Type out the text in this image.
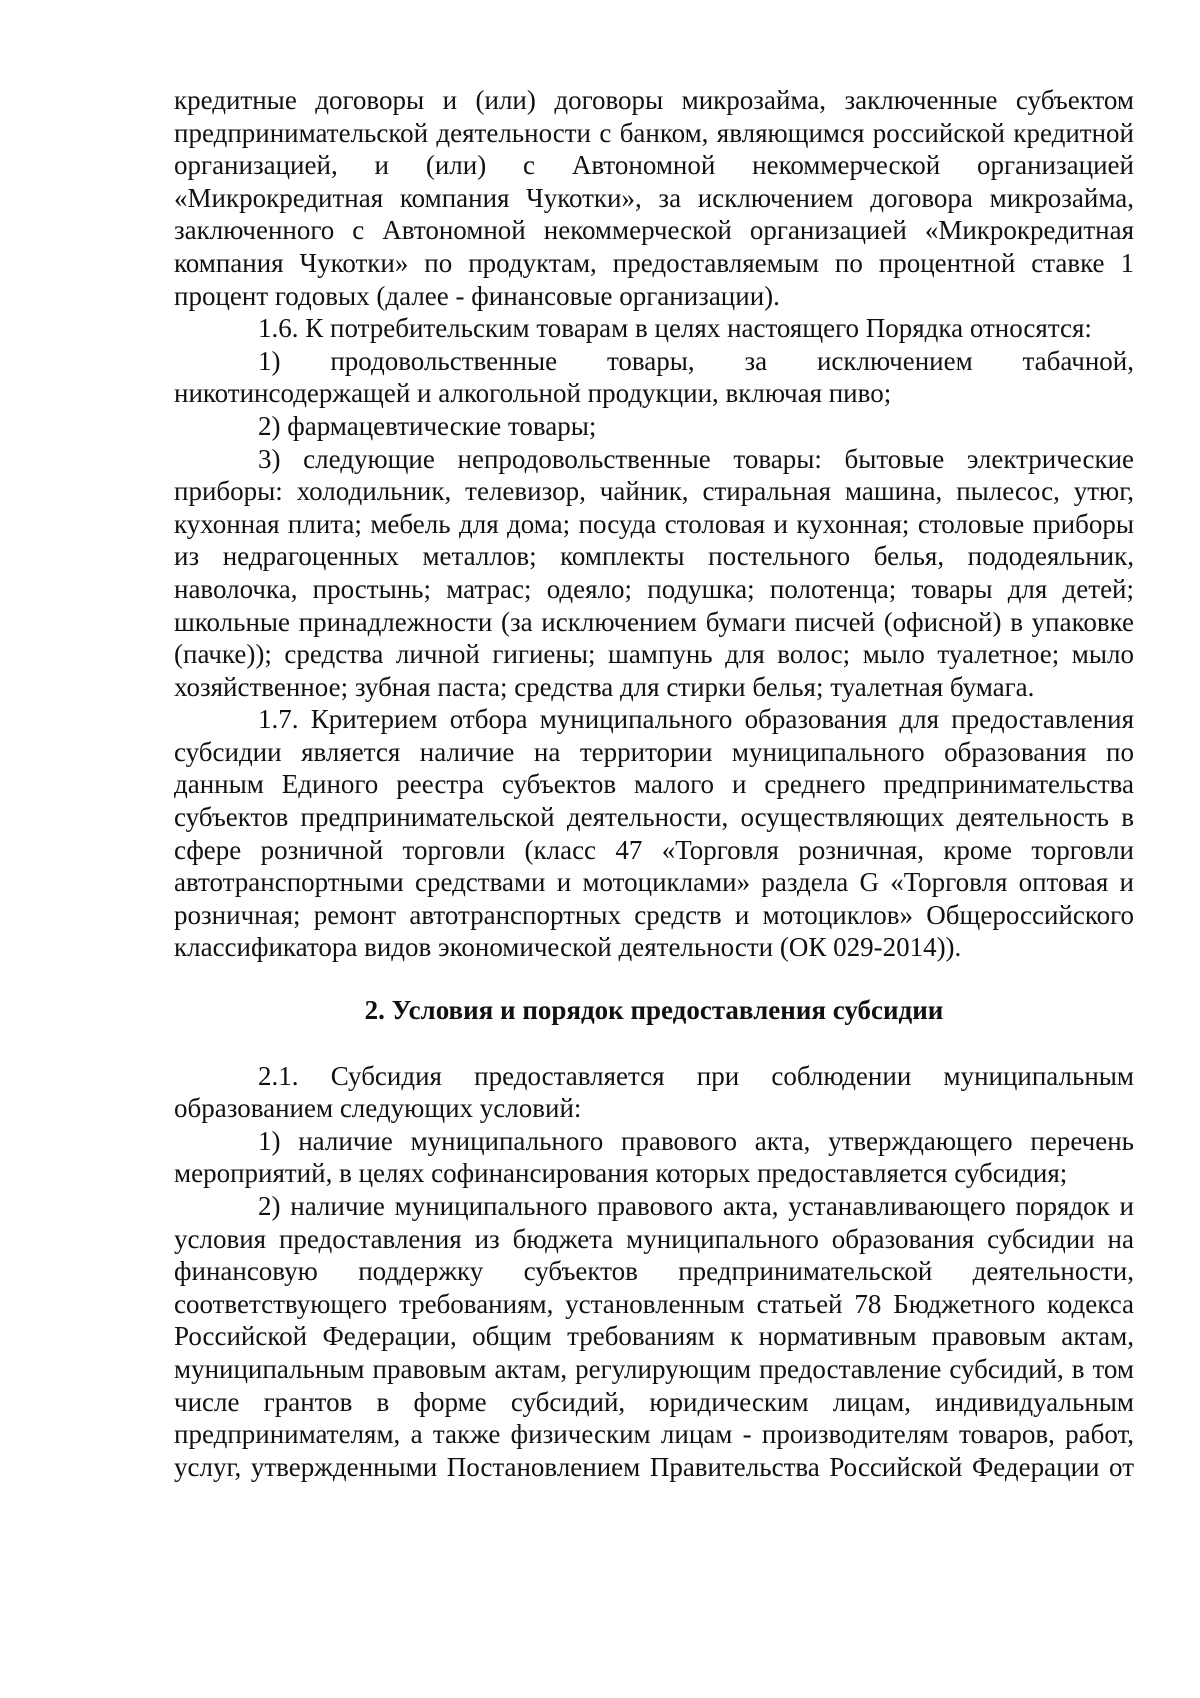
кредитные договоры и (или) договоры микрозайма, заключенные субъектом предпринимательской деятельности с банком, являющимся российской кредитной организацией, и (или) с Автономной некоммерческой организацией «Микрокредитная компания Чукотки», за исключением договора микрозайма, заключенного с Автономной некоммерческой организацией «Микрокредитная компания Чукотки» по продуктам, предоставляемым по процентной ставке 1 процент годовых (далее - финансовые организации).

1.6. К потребительским товарам в целях настоящего Порядка относятся:

1) продовольственные товары, за исключением табачной, никотинсодержащей и алкогольной продукции, включая пиво;

2) фармацевтические товары;

3) следующие непродовольственные товары: бытовые электрические приборы: холодильник, телевизор, чайник, стиральная машина, пылесос, утюг, кухонная плита; мебель для дома; посуда столовая и кухонная; столовые приборы из недрагоценных металлов; комплекты постельного белья, пододеяльник, наволочка, простынь; матрас; одеяло; подушка; полотенца; товары для детей; школьные принадлежности (за исключением бумаги писчей (офисной) в упаковке (пачке)); средства личной гигиены; шампунь для волос; мыло туалетное; мыло хозяйственное; зубная паста; средства для стирки белья; туалетная бумага.

1.7. Критерием отбора муниципального образования для предоставления субсидии является наличие на территории муниципального образования по данным Единого реестра субъектов малого и среднего предпринимательства субъектов предпринимательской деятельности, осуществляющих деятельность в сфере розничной торговли (класс 47 «Торговля розничная, кроме торговли автотранспортными средствами и мотоциклами» раздела G «Торговля оптовая и розничная; ремонт автотранспортных средств и мотоциклов» Общероссийского классификатора видов экономической деятельности (ОК 029-2014)).

2. Условия и порядок предоставления субсидии

2.1. Субсидия предоставляется при соблюдении муниципальным образованием следующих условий:

1) наличие муниципального правового акта, утверждающего перечень мероприятий, в целях софинансирования которых предоставляется субсидия;

2) наличие муниципального правового акта, устанавливающего порядок и условия предоставления из бюджета муниципального образования субсидии на финансовую поддержку субъектов предпринимательской деятельности, соответствующего требованиям, установленным статьей 78 Бюджетного кодекса Российской Федерации, общим требованиям к нормативным правовым актам, муниципальным правовым актам, регулирующим предоставление субсидий, в том числе грантов в форме субсидий, юридическим лицам, индивидуальным предпринимателям, а также физическим лицам - производителям товаров, работ, услуг, утвержденными Постановлением Правительства Российской Федерации от
